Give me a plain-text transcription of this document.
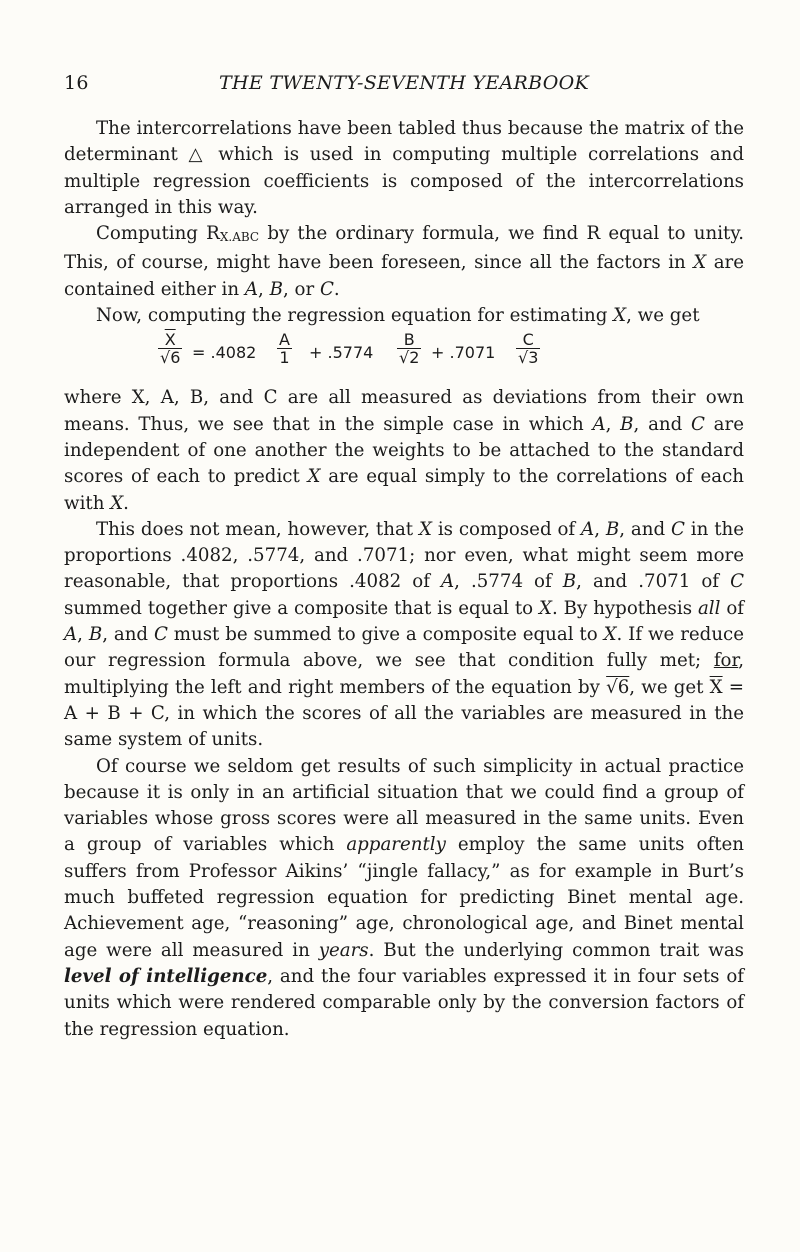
16	THE TWENTY-SEVENTH YEARBOOK

The intercorrelations have been tabled thus because the matrix of the determinant △ which is used in computing multiple correlations and multiple regression coefficients is composed of the intercorrelations arranged in this way.

Computing RX.ABC by the ordinary formula, we find R equal to unity. This, of course, might have been foreseen, since all the factors in X are contained either in A, B, or C.

Now, computing the regression equation for estimating X, we get

$\frac{\overline{X}}{√6} = .4082 \frac{A}{1} + .5774 \frac{B}{√2} + .7071 \frac{C}{√3}$

where X, A, B, and C are all measured as deviations from their own means. Thus, we see that in the simple case in which A, B, and C are independent of one another the weights to be attached to the standard scores of each to predict X are equal simply to the correlations of each with X.

This does not mean, however, that X is composed of A, B, and C in the proportions .4082, .5774, and .7071; nor even, what might seem more reasonable, that proportions .4082 of A, .5774 of B, and .7071 of C summed together give a composite that is equal to X. By hypothesis all of A, B, and C must be summed to give a composite equal to X. If we reduce our regression formula above, we see that condition fully met; for, multiplying the left and right members of the equation by √6, we get $\overline{X} = A + B + C$, in which the scores of all the variables are measured in the same system of units.

Of course we seldom get results of such simplicity in actual practice because it is only in an artificial situation that we could find a group of variables whose gross scores were all measured in the same units. Even a group of variables which apparently employ the same units often suffers from Professor Aikins’ “jingle fallacy,” as for example in Burt’s much buffeted regression equation for predicting Binet mental age. Achievement age, “reasoning” age, chronological age, and Binet mental age were all measured in years. But the underlying common trait was level of intelligence, and the four variables expressed it in four sets of units which were rendered comparable only by the conversion factors of the regression equation.
